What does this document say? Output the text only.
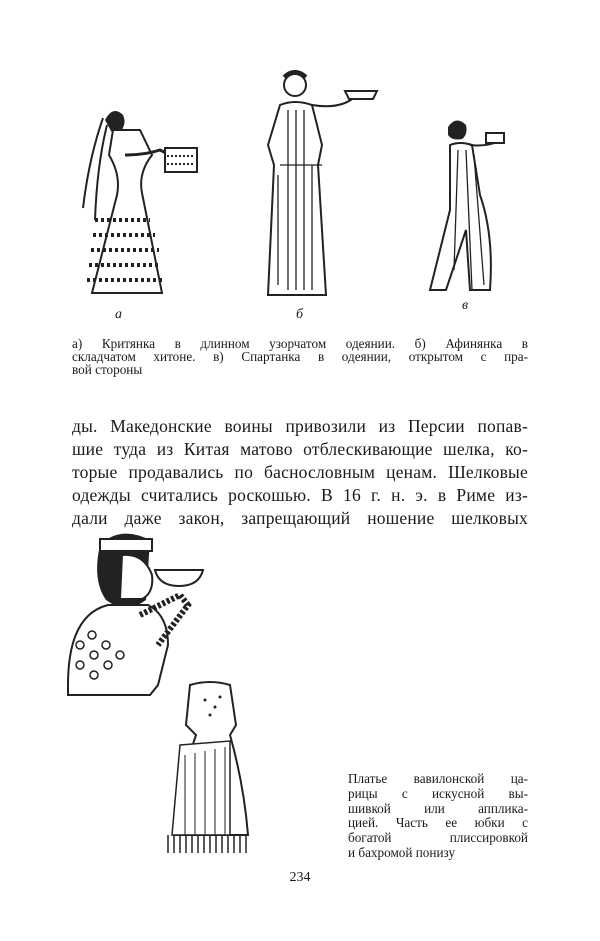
а	б
в
а) Критянка в длинном узорчатом одеянии. б) Афинянка в
складчатом хитоне. в) Спартанка в одеянии, открытом с пра-
вой стороны
ды. Македонские воины привозили из Персии попав-
шие туда из Китая матово отблескивающие шелка, ко-
торые продавались по баснословным ценам. Шелковые
одежды считались роскошью. В 16 г. н. э. в Риме из-
дали даже закон, запрещающий ношение шелковых
Платье вавилонской ца-
рицы с искусной вы-
шивкой или апплика-
цией. Часть ее юбки с
богатой плиссировкой
и бахромой понизу
234
